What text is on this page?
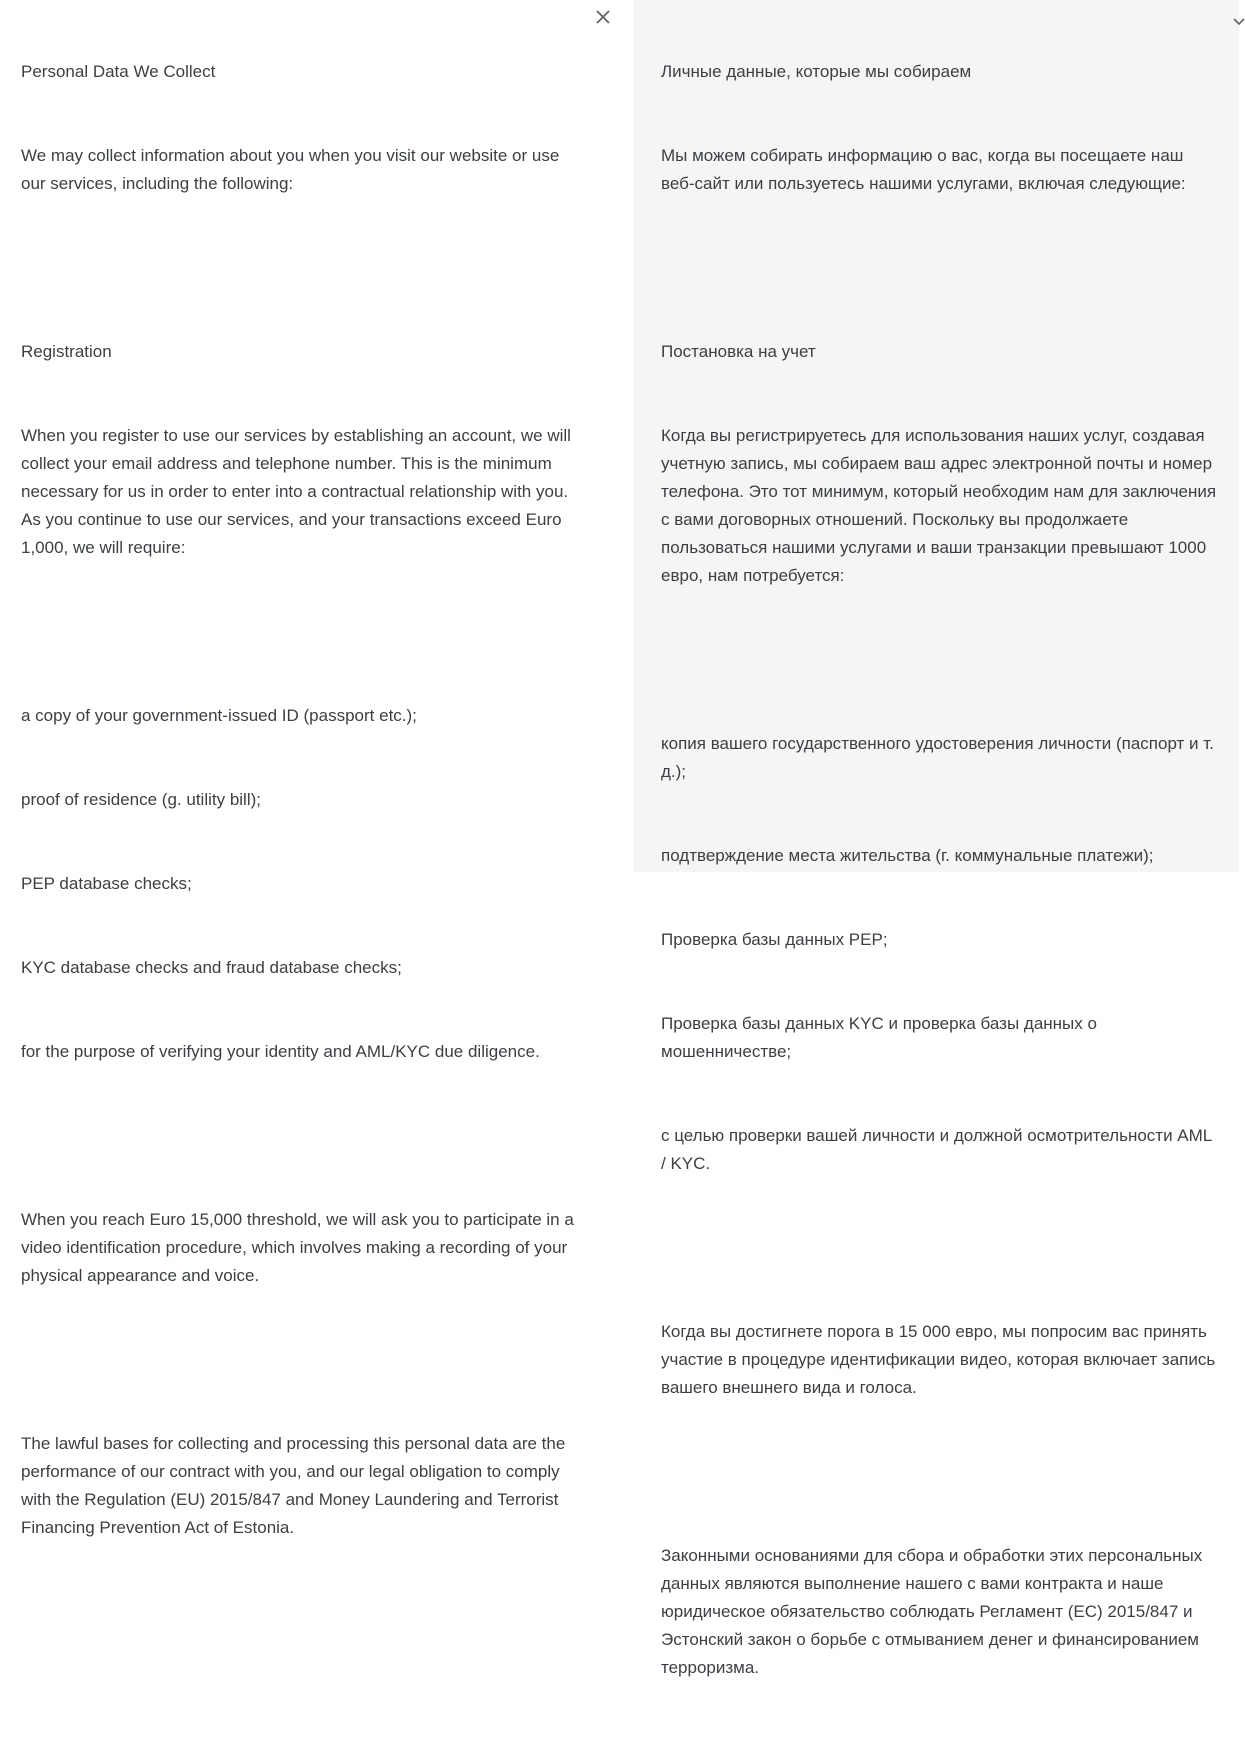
Personal Data We Collect

We may collect information about you when you visit our website or use our services, including the following:

Registration

When you register to use our services by establishing an account, we will collect your email address and telephone number. This is the minimum necessary for us in order to enter into a contractual relationship with you. As you continue to use our services, and your transactions exceed Euro 1,000, we will require:

a copy of your government-issued ID (passport etc.);

proof of residence (g. utility bill);

PEP database checks;

KYC database checks and fraud database checks;

for the purpose of verifying your identity and AML/KYC due diligence.

When you reach Euro 15,000 threshold, we will ask you to participate in a video identification procedure, which involves making a recording of your physical appearance and voice.

The lawful bases for collecting and processing this personal data are the performance of our contract with you, and our legal obligation to comply with the Regulation (EU) 2015/847 and Money Laundering and Terrorist Financing Prevention Act of Estonia.

Личные данные, которые мы собираем

Мы можем собирать информацию о вас, когда вы посещаете наш веб-сайт или пользуетесь нашими услугами, включая следующие:

Постановка на учет

Когда вы регистрируетесь для использования наших услуг, создавая учетную запись, мы собираем ваш адрес электронной почты и номер телефона. Это тот минимум, который необходим нам для заключения с вами договорных отношений. Поскольку вы продолжаете пользоваться нашими услугами и ваши транзакции превышают 1000 евро, нам потребуется:

копия вашего государственного удостоверения личности (паспорт и т. д.);

подтверждение места жительства (г. коммунальные платежи);

Проверка базы данных PEP;

Проверка базы данных KYC и проверка базы данных о мошенничестве;

с целью проверки вашей личности и должной осмотрительности AML / KYC.

Когда вы достигнете порога в 15 000 евро, мы попросим вас принять участие в процедуре идентификации видео, которая включает запись вашего внешнего вида и голоса.

Законными основаниями для сбора и обработки этих персональных данных являются выполнение нашего с вами контракта и наше юридическое обязательство соблюдать Регламент (EC) 2015/847 и Эстонский закон о борьбе с отмыванием денег и финансированием терроризма.
